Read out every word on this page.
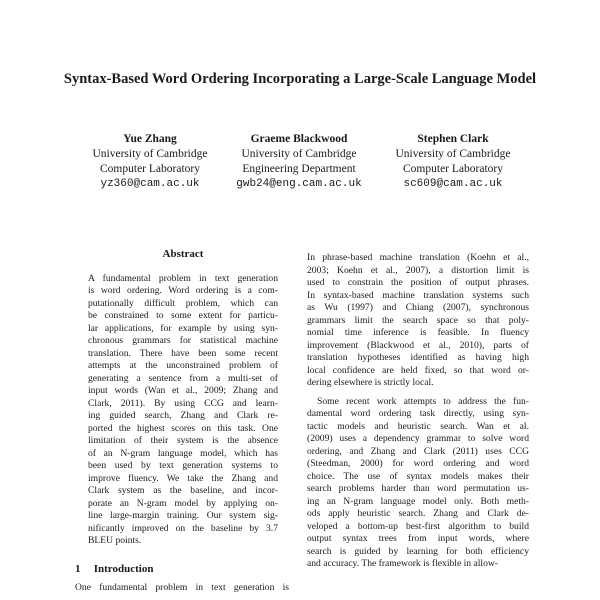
Syntax-Based Word Ordering Incorporating a Large-Scale Language Model
Yue Zhang
University of Cambridge
Computer Laboratory
yz360@cam.ac.uk
Graeme Blackwood
University of Cambridge
Engineering Department
gwb24@eng.cam.ac.uk
Stephen Clark
University of Cambridge
Computer Laboratory
sc609@cam.ac.uk
Abstract
A fundamental problem in text generation
is word ordering. Word ordering is a com-
putationally difficult problem, which can
be constrained to some extent for particu-
lar applications, for example by using syn-
chronous grammars for statistical machine
translation. There have been some recent
attempts at the unconstrained problem of
generating a sentence from a multi-set of
input words (Wan et al., 2009; Zhang and
Clark, 2011). By using CCG and learn-
ing guided search, Zhang and Clark re-
ported the highest scores on this task. One
limitation of their system is the absence
of an N-gram language model, which has
been used by text generation systems to
improve fluency. We take the Zhang and
Clark system as the baseline, and incor-
porate an N-gram model by applying on-
line large-margin training. Our system sig-
nificantly improved on the baseline by 3.7
BLEU points.
In phrase-based machine translation (Koehn et al.,
2003; Koehn et al., 2007), a distortion limit is
used to constrain the position of output phrases.
In syntax-based machine translation systems such
as Wu (1997) and Chiang (2007), synchronous
grammars limit the search space so that poly-
nomial time inference is feasible. In fluency
improvement (Blackwood et al., 2010), parts of
translation hypotheses identified as having high
local confidence are held fixed, so that word or-
dering elsewhere is strictly local.
Some recent work attempts to address the fun-
damental word ordering task directly, using syn-
tactic models and heuristic search. Wan et al.
(2009) uses a dependency grammar to solve word
ordering, and Zhang and Clark (2011) uses CCG
(Steedman, 2000) for word ordering and word
choice. The use of syntax models makes their
search problems harder than word permutation us-
ing an N-gram language model only. Both meth-
ods apply heuristic search. Zhang and Clark de-
veloped a bottom-up best-first algorithm to build
output syntax trees from input words, where
search is guided by learning for both efficiency
and accuracy. The framework is flexible in allow-
1 Introduction
One fundamental problem in text generation is
